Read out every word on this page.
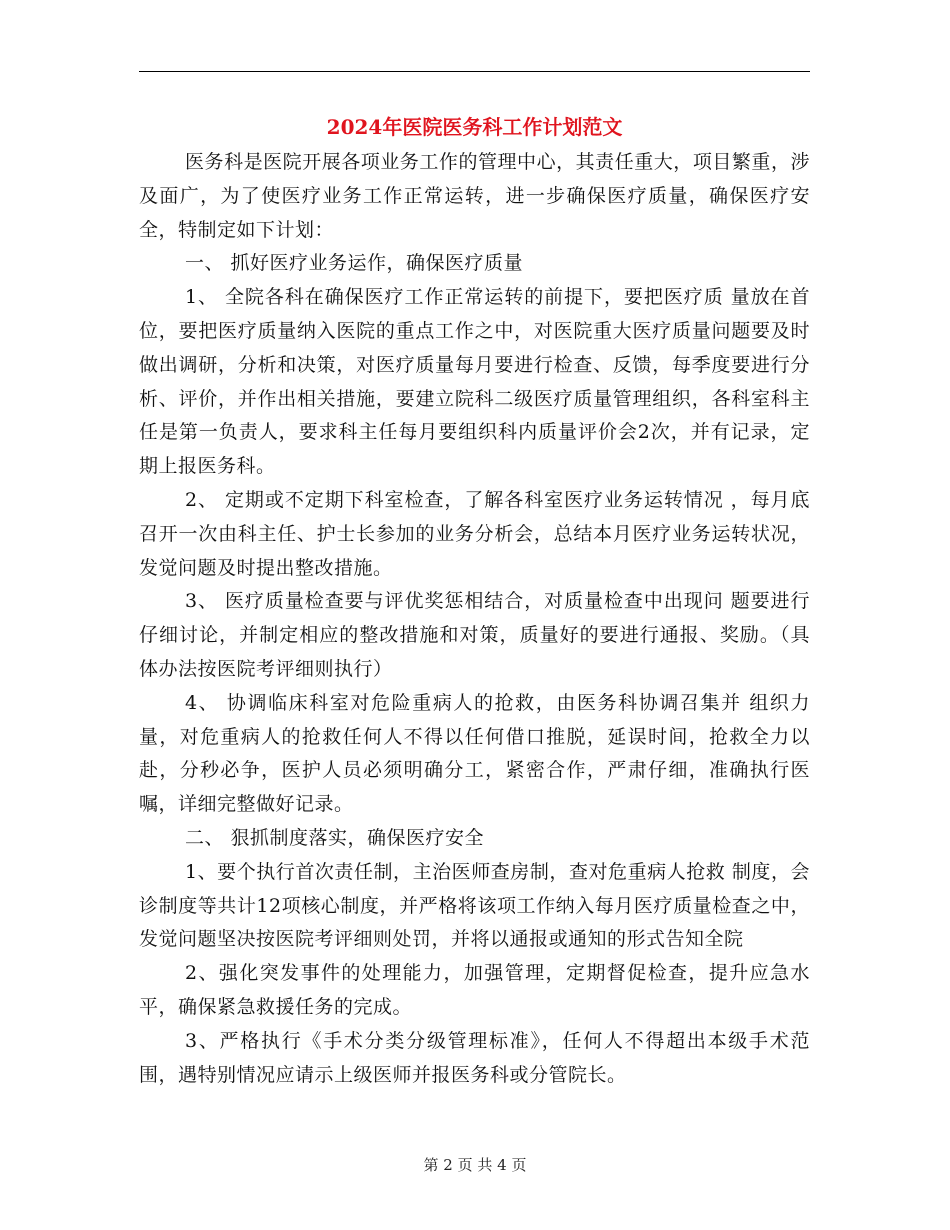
2024年医院医务科工作计划范文

医务科是医院开展各项业务工作的管理中心，其责任重大，项目繁重，涉及面广，为了使医疗业务工作正常运转，进一步确保医疗质量，确保医疗安全，特制定如下计划：

一、 抓好医疗业务运作，确保医疗质量

1、 全院各科在确保医疗工作正常运转的前提下，要把医疗质 量放在首位，要把医疗质量纳入医院的重点工作之中，对医院重大医疗质量问题要及时做出调研，分析和决策，对医疗质量每月要进行检查、反馈，每季度要进行分析、评价，并作出相关措施，要建立院科二级医疗质量管理组织，各科室科主任是第一负责人，要求科主任每月要组织科内质量评价会2次，并有记录，定期上报医务科。

2、 定期或不定期下科室检查，了解各科室医疗业务运转情况 ，每月底召开一次由科主任、护士长参加的业务分析会，总结本月医疗业务运转状况，发觉问题及时提出整改措施。

3、 医疗质量检查要与评优奖惩相结合，对质量检查中出现问 题要进行仔细讨论，并制定相应的整改措施和对策，质量好的要进行通报、奖励。（具体办法按医院考评细则执行）

4、 协调临床科室对危险重病人的抢救，由医务科协调召集并 组织力量，对危重病人的抢救任何人不得以任何借口推脱，延误时间，抢救全力以赴，分秒必争，医护人员必须明确分工，紧密合作，严肃仔细，准确执行医嘱，详细完整做好记录。

二、 狠抓制度落实，确保医疗安全

1、要个执行首次责任制，主治医师查房制，查对危重病人抢救 制度，会诊制度等共计12项核心制度，并严格将该项工作纳入每月医疗质量检查之中，发觉问题坚决按医院考评细则处罚，并将以通报或通知的形式告知全院

2、强化突发事件的处理能力，加强管理，定期督促检查，提升应急水平，确保紧急救援任务的完成。

3、严格执行《手术分类分级管理标准》，任何人不得超出本级手术范围，遇特别情况应请示上级医师并报医务科或分管院长。

第 2 页 共 4 页
